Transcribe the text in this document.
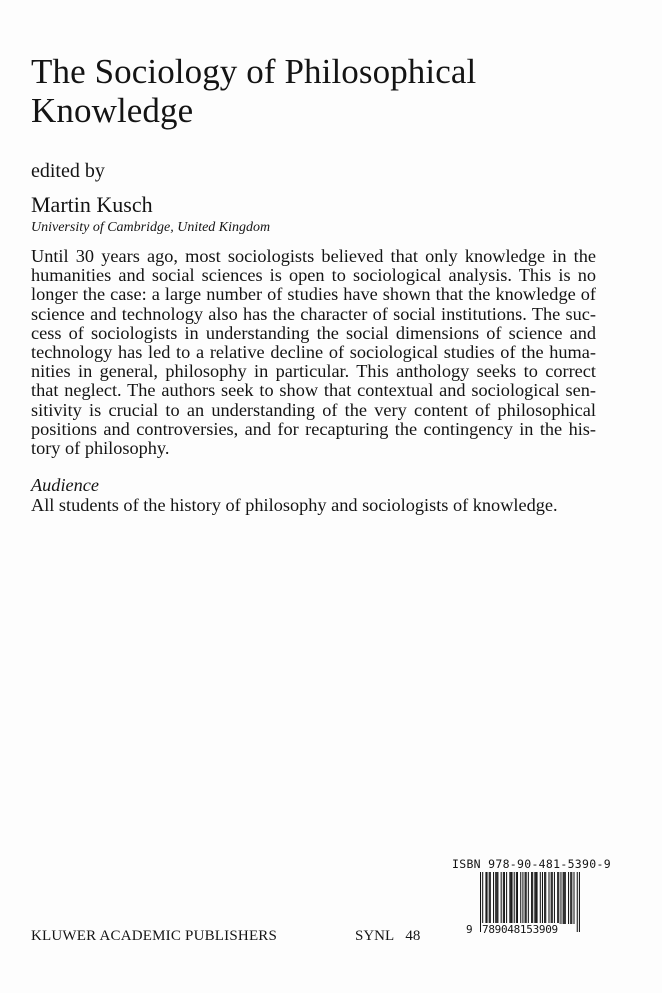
The Sociology of Philosophical Knowledge
edited by
Martin Kusch
University of Cambridge, United Kingdom

Until 30 years ago, most sociologists believed that only knowledge in the humanities and social sciences is open to sociological analysis. This is no longer the case: a large number of studies have shown that the knowledge of science and technology also has the character of social institutions. The success of sociologists in understanding the social dimensions of science and technology has led to a relative decline of sociological studies of the humanities in general, philosophy in particular. This anthology seeks to correct that neglect. The authors seek to show that contextual and sociological sensitivity is crucial to an understanding of the very content of philosophical positions and controversies, and for recapturing the contingency in the history of philosophy.

Audience
All students of the history of philosophy and sociologists of knowledge.
ISBN 978-90-481-5390-9
9 789048153909
KLUWER ACADEMIC PUBLISHERS	SYNL 48
